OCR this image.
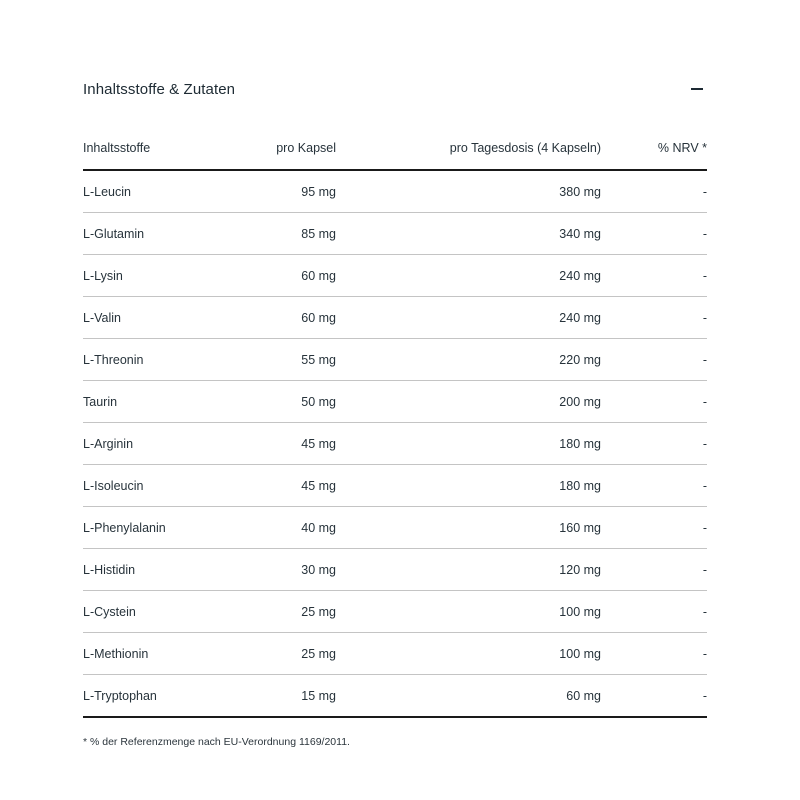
Inhaltsstoffe & Zutaten
Inhaltsstoffe	pro Kapsel	pro Tagesdosis (4 Kapseln)	% NRV *
L-Leucin	95 mg	380 mg	-
L-Glutamin	85 mg	340 mg	-
L-Lysin	60 mg	240 mg	-
L-Valin	60 mg	240 mg	-
L-Threonin	55 mg	220 mg	-
Taurin	50 mg	200 mg	-
L-Arginin	45 mg	180 mg	-
L-Isoleucin	45 mg	180 mg	-
L-Phenylalanin	40 mg	160 mg	-
L-Histidin	30 mg	120 mg	-
L-Cystein	25 mg	100 mg	-
L-Methionin	25 mg	100 mg	-
L-Tryptophan	15 mg	60 mg	-
* % der Referenzmenge nach EU-Verordnung 1169/2011.
